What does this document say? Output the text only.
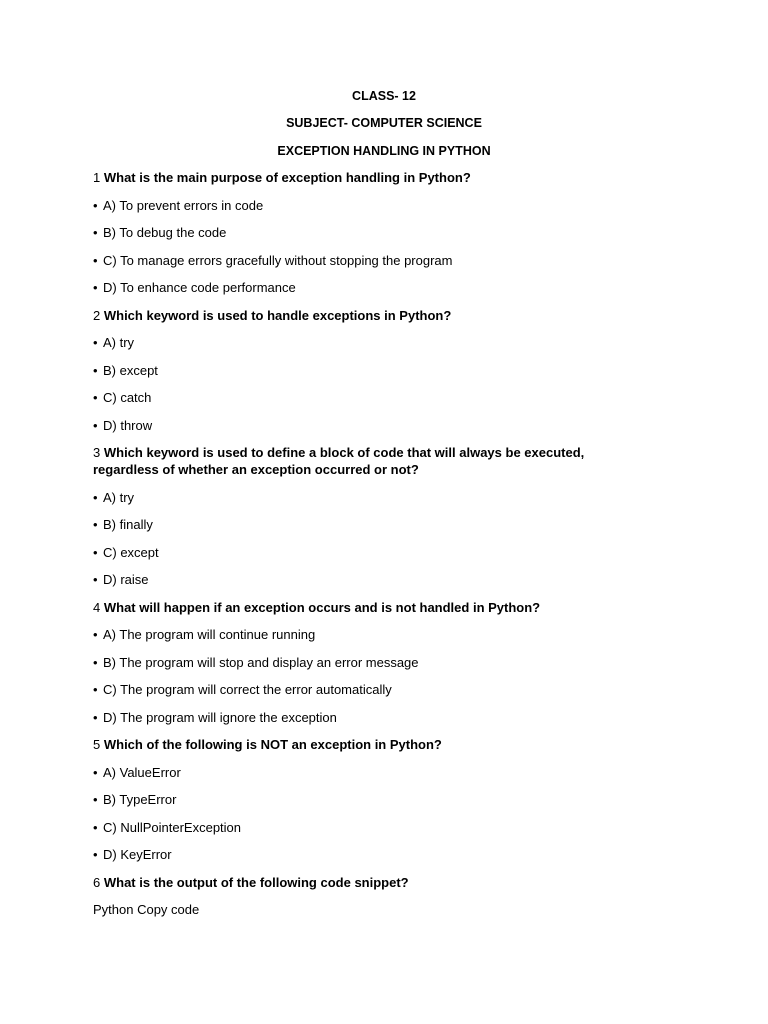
CLASS- 12
SUBJECT- COMPUTER SCIENCE
EXCEPTION HANDLING IN PYTHON
1 What is the main purpose of exception handling in Python?
• A) To prevent errors in code
• B) To debug the code
• C) To manage errors gracefully without stopping the program
• D) To enhance code performance
2 Which keyword is used to handle exceptions in Python?
• A) try
• B) except
• C) catch
• D) throw
3 Which keyword is used to define a block of code that will always be executed, regardless of whether an exception occurred or not?
• A) try
• B) finally
• C) except
• D) raise
4 What will happen if an exception occurs and is not handled in Python?
• A) The program will continue running
• B) The program will stop and display an error message
• C) The program will correct the error automatically
• D) The program will ignore the exception
5 Which of the following is NOT an exception in Python?
• A) ValueError
• B) TypeError
• C) NullPointerException
• D) KeyError
6 What is the output of the following code snippet?
Python Copy code
